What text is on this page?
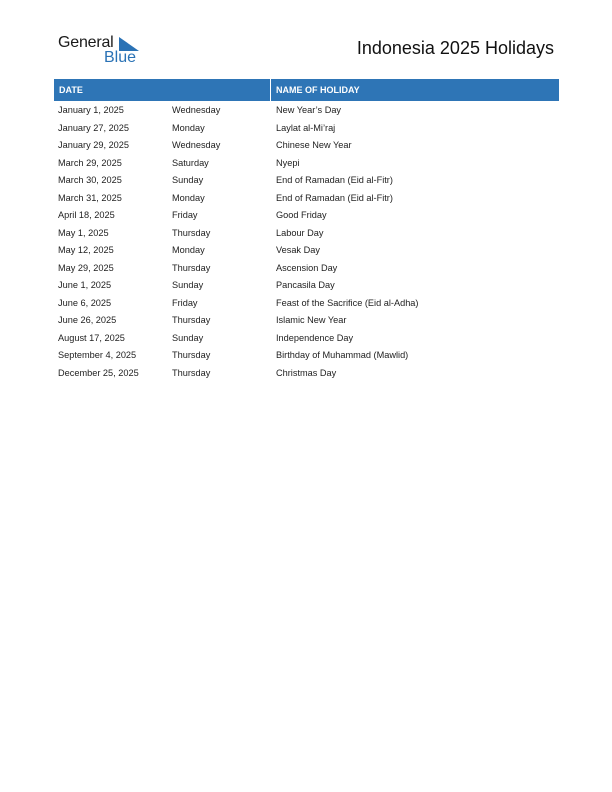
General
Blue	Indonesia 2025 Holidays
DATE	NAME OF HOLIDAY
January 1, 2025	Wednesday	New Year’s Day
January 27, 2025	Monday	Laylat al-Mi’raj
January 29, 2025	Wednesday	Chinese New Year
March 29, 2025	Saturday	Nyepi
March 30, 2025	Sunday	End of Ramadan (Eid al-Fitr)
March 31, 2025	Monday	End of Ramadan (Eid al-Fitr)
April 18, 2025	Friday	Good Friday
May 1, 2025	Thursday	Labour Day
May 12, 2025	Monday	Vesak Day
May 29, 2025	Thursday	Ascension Day
June 1, 2025	Sunday	Pancasila Day
June 6, 2025	Friday	Feast of the Sacrifice (Eid al-Adha)
June 26, 2025	Thursday	Islamic New Year
August 17, 2025	Sunday	Independence Day
September 4, 2025	Thursday	Birthday of Muhammad (Mawlid)
December 25, 2025	Thursday	Christmas Day
